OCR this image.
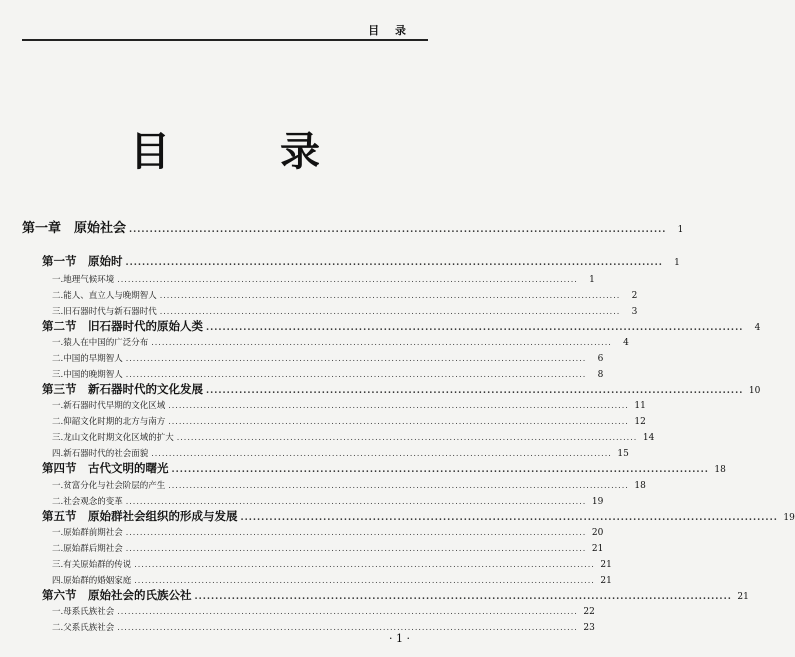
目 录
目 录
第一章　原始社会 ..................................................................................................................................	1
第一节　原始时 ..................................................................................................................................	1
一.地理气候环境 ..................................................................................................................................	1
二.能人、直立人与晚期智人 ..................................................................................................................................	2
三.旧石器时代与新石器时代 ..................................................................................................................................	3
第二节　旧石器时代的原始人类 ..................................................................................................................................	4
一.猿人在中国的广泛分布 ..................................................................................................................................	4
二.中国的早期智人 ..................................................................................................................................	6
三.中国的晚期智人 ..................................................................................................................................	8
第三节　新石器时代的文化发展 .................................................................................................................................. 10
一.新石器时代早期的文化区域 .................................................................................................................................. 11
二.仰韶文化时期的北方与南方 .................................................................................................................................. 12
三.龙山文化时期文化区域的扩大 .................................................................................................................................. 14
四.新石器时代的社会面貌 .................................................................................................................................. 15
第四节　古代文明的曙光 .................................................................................................................................. 18
一.贫富分化与社会阶层的产生 .................................................................................................................................. 18
二.社会观念的变革 .................................................................................................................................. 19
第五节　原始群社会组织的形成与发展 .................................................................................................................................. 19
一.原始群前期社会 .................................................................................................................................. 20
二.原始群后期社会 .................................................................................................................................. 21
三.有关原始群的传说 .................................................................................................................................. 21
四.原始群的婚姻家庭 .................................................................................................................................. 21
第六节　原始社会的氏族公社 .................................................................................................................................. 21
一.母系氏族社会 .................................................................................................................................. 22
二.父系氏族社会 .................................................................................................................................. 23
· 1 ·
